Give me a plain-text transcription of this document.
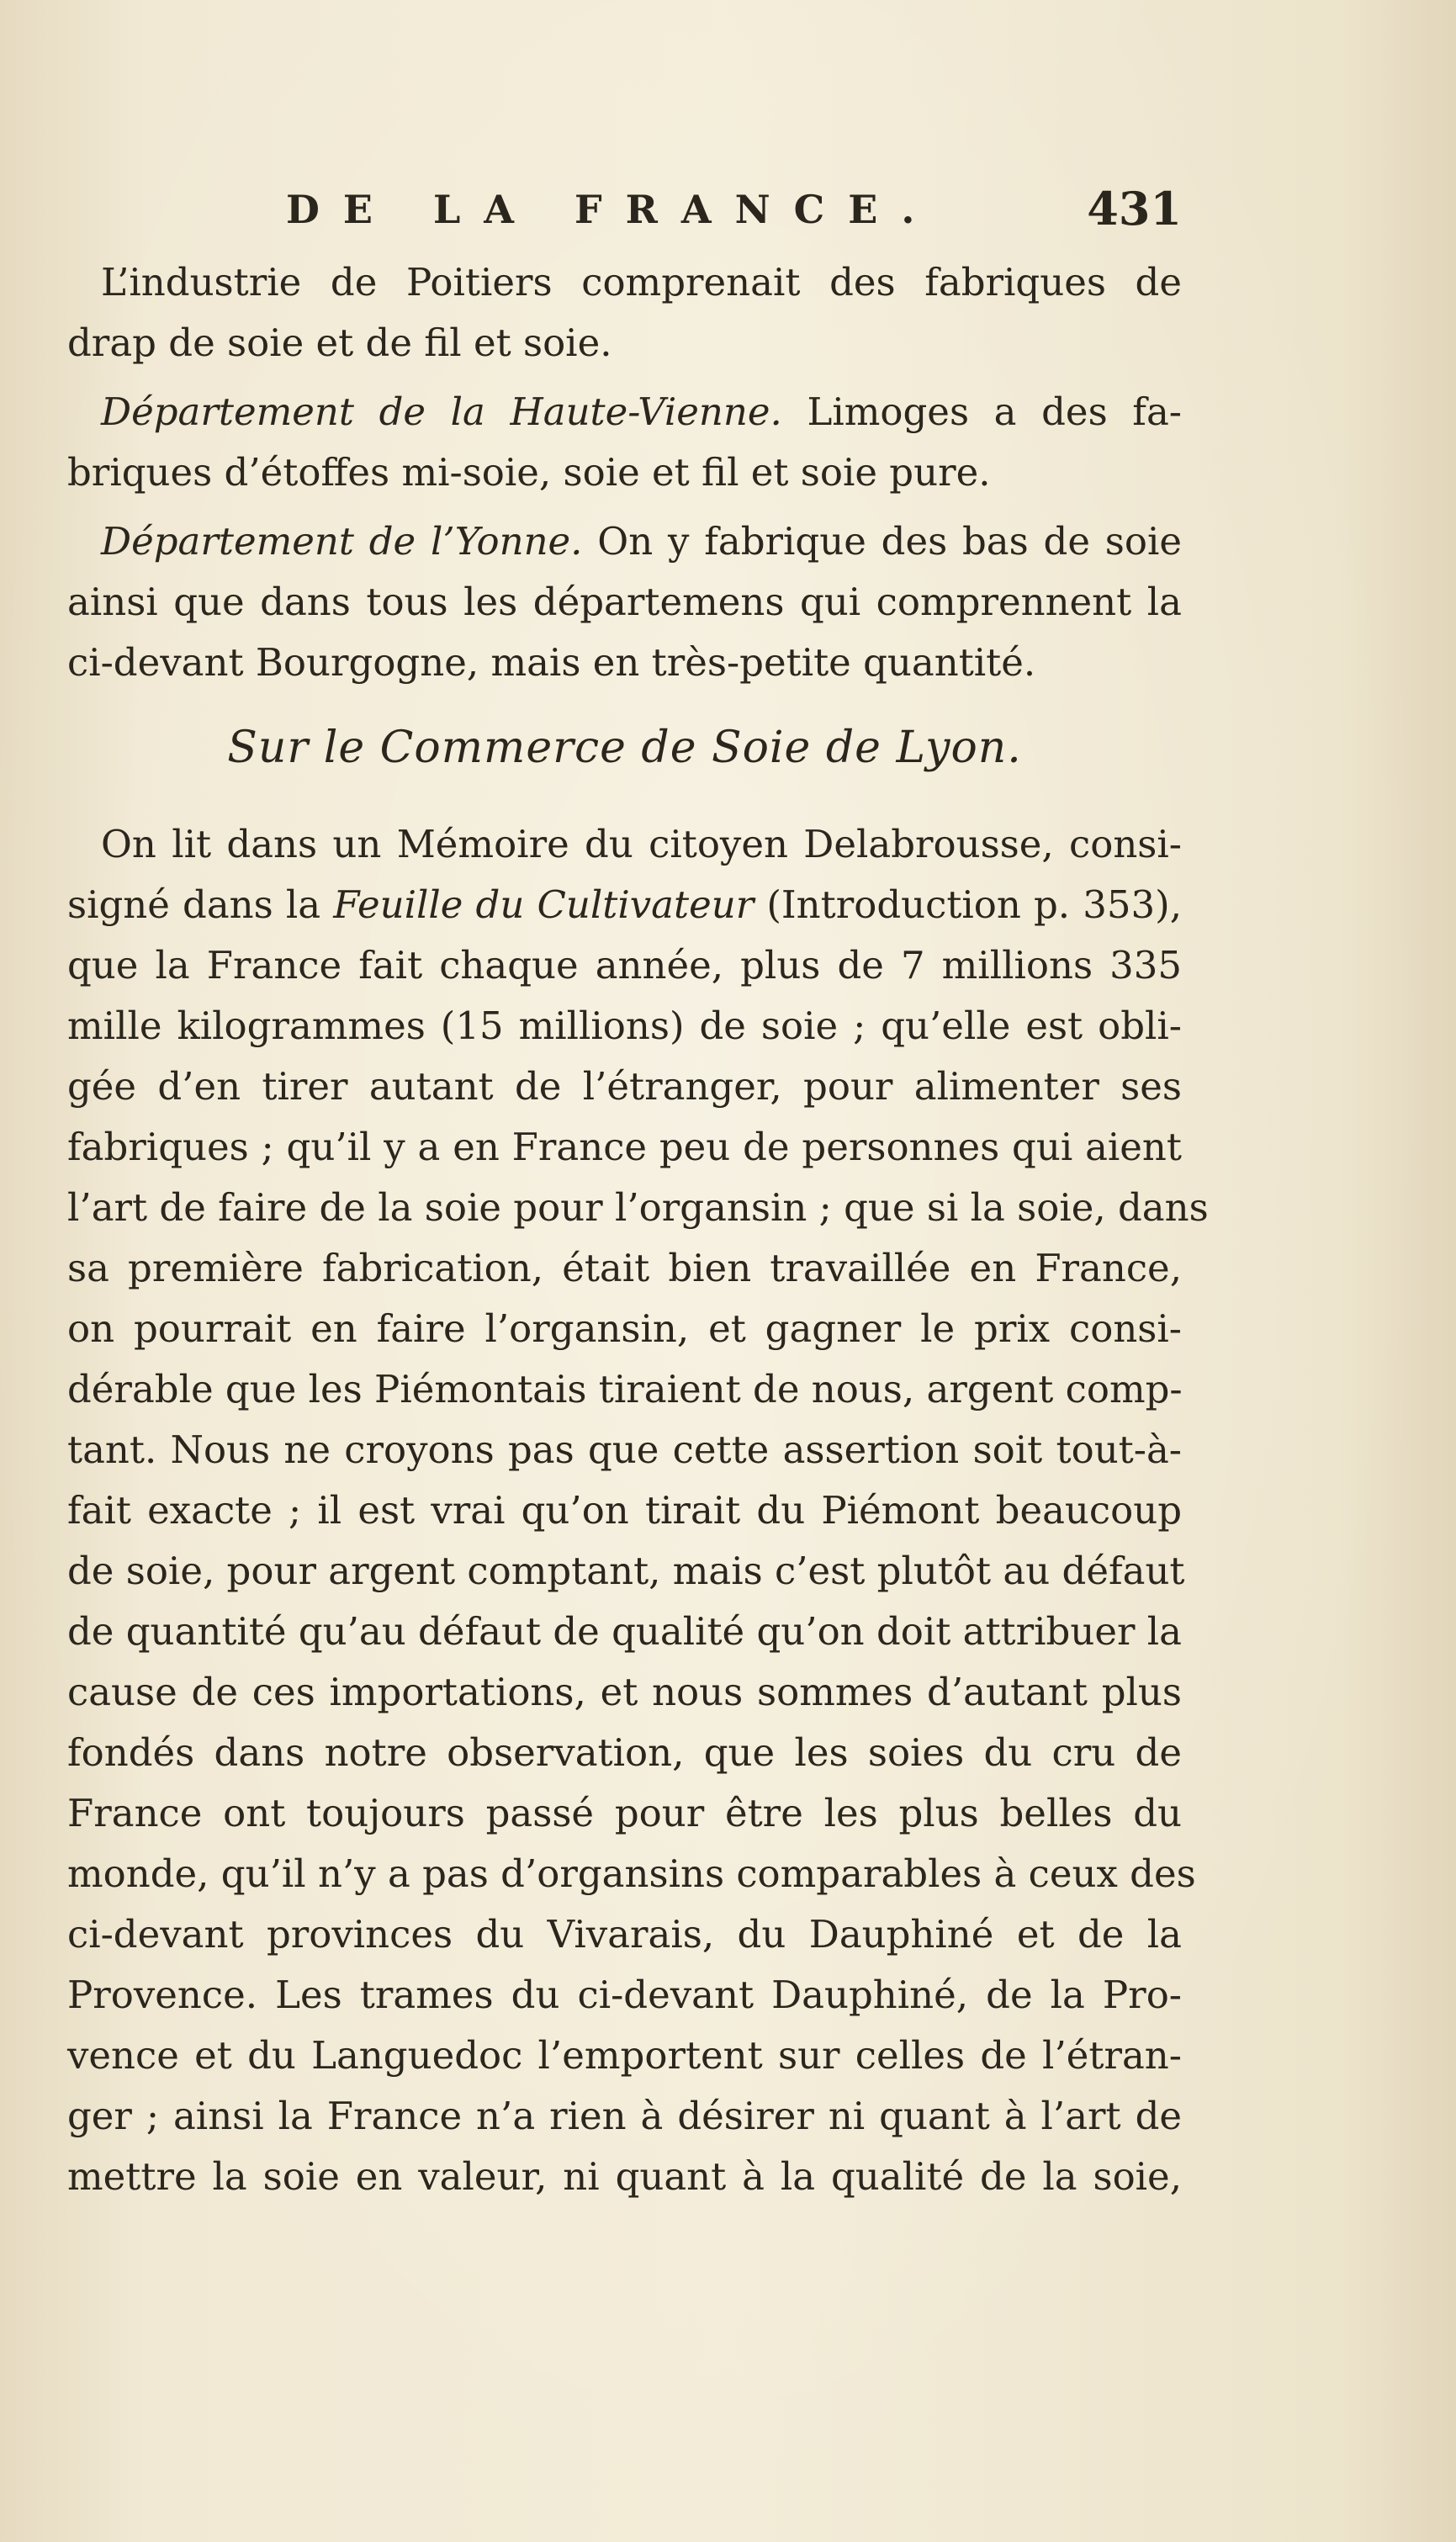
DE LA FRANCE.	431
L’industrie de Poitiers comprenait des fabriques de
drap de soie et de fil et soie.
Département de la Haute-Vienne. Limoges a des fa-
briques d’étoffes mi-soie, soie et fil et soie pure.
Département de l’Yonne. On y fabrique des bas de soie
ainsi que dans tous les départemens qui comprennent la
ci-devant Bourgogne, mais en très-petite quantité.
Sur le Commerce de Soie de Lyon.
On lit dans un Mémoire du citoyen Delabrousse, consi-
signé dans la Feuille du Cultivateur (Introduction p. 353),
que la France fait chaque année, plus de 7 millions 335
mille kilogrammes (15 millions) de soie ; qu’elle est obli-
gée d’en tirer autant de l’étranger, pour alimenter ses
fabriques ; qu’il y a en France peu de personnes qui aient
l’art de faire de la soie pour l’organsin ; que si la soie, dans
sa première fabrication, était bien travaillée en France,
on pourrait en faire l’organsin, et gagner le prix consi-
dérable que les Piémontais tiraient de nous, argent comp-
tant. Nous ne croyons pas que cette assertion soit tout-à-
fait exacte ; il est vrai qu’on tirait du Piémont beaucoup
de soie, pour argent comptant, mais c’est plutôt au défaut
de quantité qu’au défaut de qualité qu’on doit attribuer la
cause de ces importations, et nous sommes d’autant plus
fondés dans notre observation, que les soies du cru de
France ont toujours passé pour être les plus belles du
monde, qu’il n’y a pas d’organsins comparables à ceux des
ci-devant provinces du Vivarais, du Dauphiné et de la
Provence. Les trames du ci-devant Dauphiné, de la Pro-
vence et du Languedoc l’emportent sur celles de l’étran-
ger ; ainsi la France n’a rien à désirer ni quant à l’art de
mettre la soie en valeur, ni quant à la qualité de la soie,
